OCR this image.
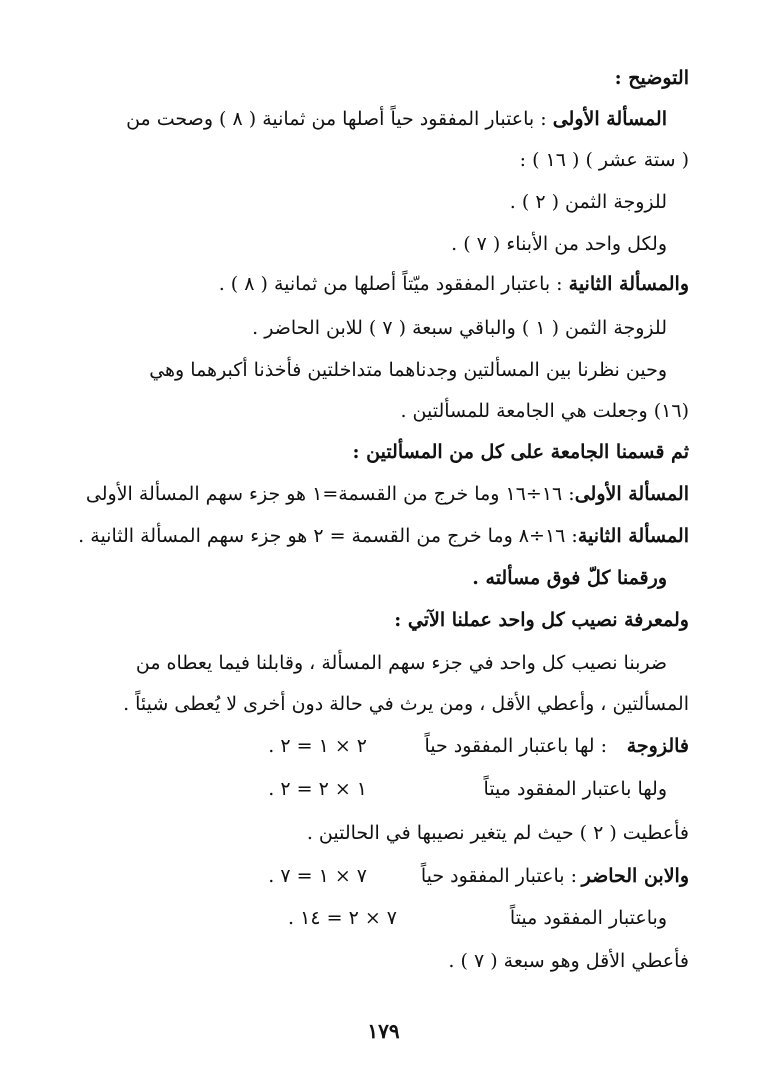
التوضيح :
المسألة الأولى : باعتبار المفقود حياً أصلها من ثمانية ( ٨ ) وصحت من
( ستة عشر ) ( ١٦ ) :
للزوجة الثمن ( ٢ ) .
ولكل واحد من الأبناء ( ٧ ) .
والمسألة الثانية : باعتبار المفقود ميّتاً أصلها من ثمانية ( ٨ ) .
للزوجة الثمن ( ١ ) والباقي سبعة ( ٧ ) للابن الحاضر .
وحين نظرنا بين المسألتين وجدناهما متداخلتين فأخذنا أكبرهما وهي
(١٦) وجعلت هي الجامعة للمسألتين .
ثم قسمنا الجامعة على كل من المسألتين :
المسألة الأولى: ١٦÷١٦ وما خرج من القسمة=١ هو جزء سهم المسألة الأولى
المسألة الثانية: ١٦÷٨ وما خرج من القسمة = ٢ هو جزء سهم المسألة الثانية .
ورقمنا كلّ فوق مسألته .
ولمعرفة نصيب كل واحد عملنا الآتي :
ضربنا نصيب كل واحد في جزء سهم المسألة ، وقابلنا فيما يعطاه من
المسألتين ، وأعطي الأقل ، ومن يرث في حالة دون أخرى لا يُعطى شيئاً .
فالزوجة
: لها باعتبار المفقود حياً
٢ × ١ = ٢ .
ولها باعتبار المفقود ميتاً
١ × ٢ = ٢ .
فأعطيت ( ٢ ) حيث لم يتغير نصيبها في الحالتين .
والابن الحاضر
: باعتبار المفقود حياً
٧ × ١ = ٧ .
وباعتبار المفقود ميتاً
٧ × ٢ = ١٤ .
فأعطي الأقل وهو سبعة ( ٧ ) .
١٧٩
